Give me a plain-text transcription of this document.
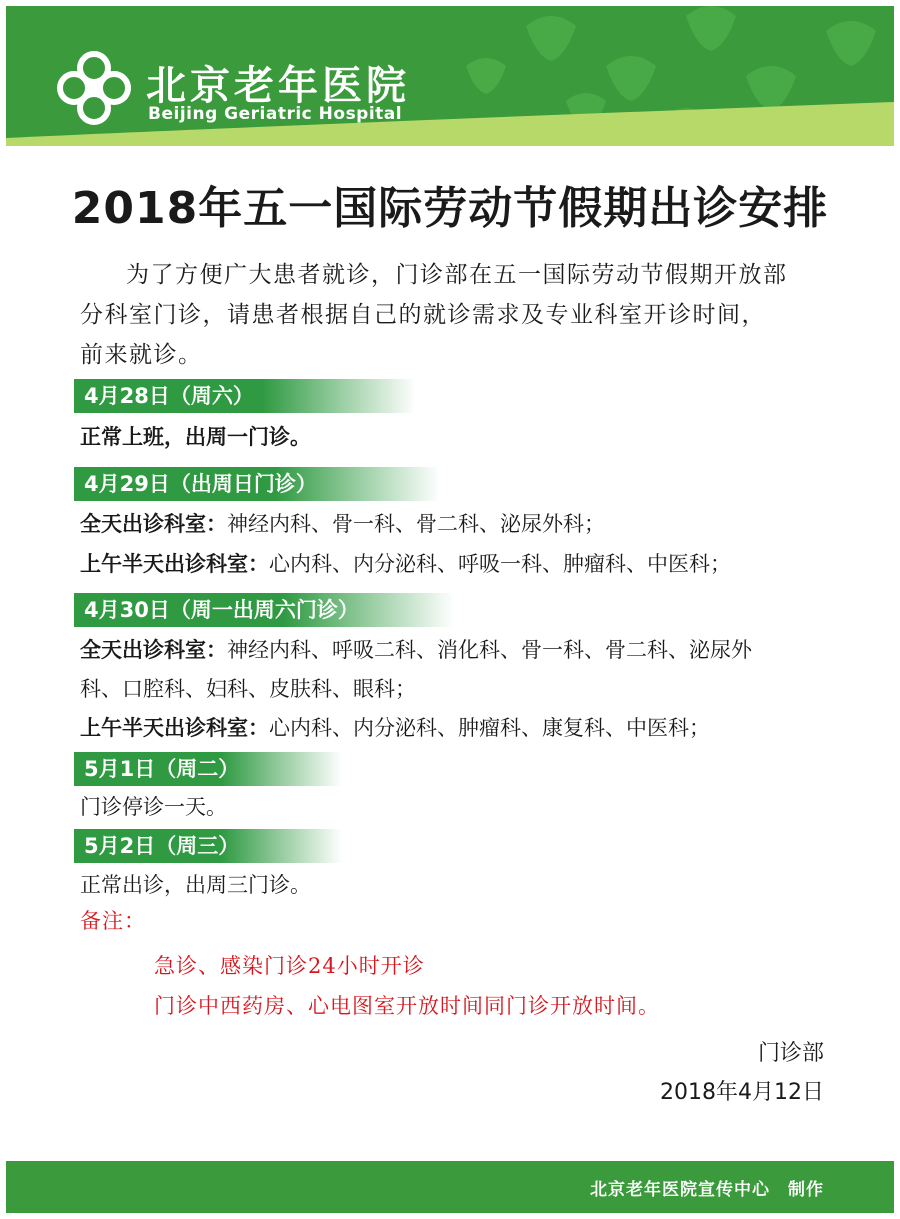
北京老年医院
Beijing Geriatric Hospital
2018年五一国际劳动节假期出诊安排
为了方便广大患者就诊，门诊部在五一国际劳动节假期开放部
分科室门诊，请患者根据自己的就诊需求及专业科室开诊时间，
前来就诊。
4月28日（周六）
正常上班，出周一门诊。
4月29日（出周日门诊）
全天出诊科室：神经内科、骨一科、骨二科、泌尿外科；
上午半天出诊科室：心内科、内分泌科、呼吸一科、肿瘤科、中医科；
4月30日（周一出周六门诊）
全天出诊科室：神经内科、呼吸二科、消化科、骨一科、骨二科、泌尿外
科、口腔科、妇科、皮肤科、眼科；
上午半天出诊科室：心内科、内分泌科、肿瘤科、康复科、中医科；
5月1日（周二）
门诊停诊一天。
5月2日（周三）
正常出诊，出周三门诊。
备注：
急诊、感染门诊24小时开诊
门诊中西药房、心电图室开放时间同门诊开放时间。
门诊部
2018年4月12日
北京老年医院宣传中心　制作
